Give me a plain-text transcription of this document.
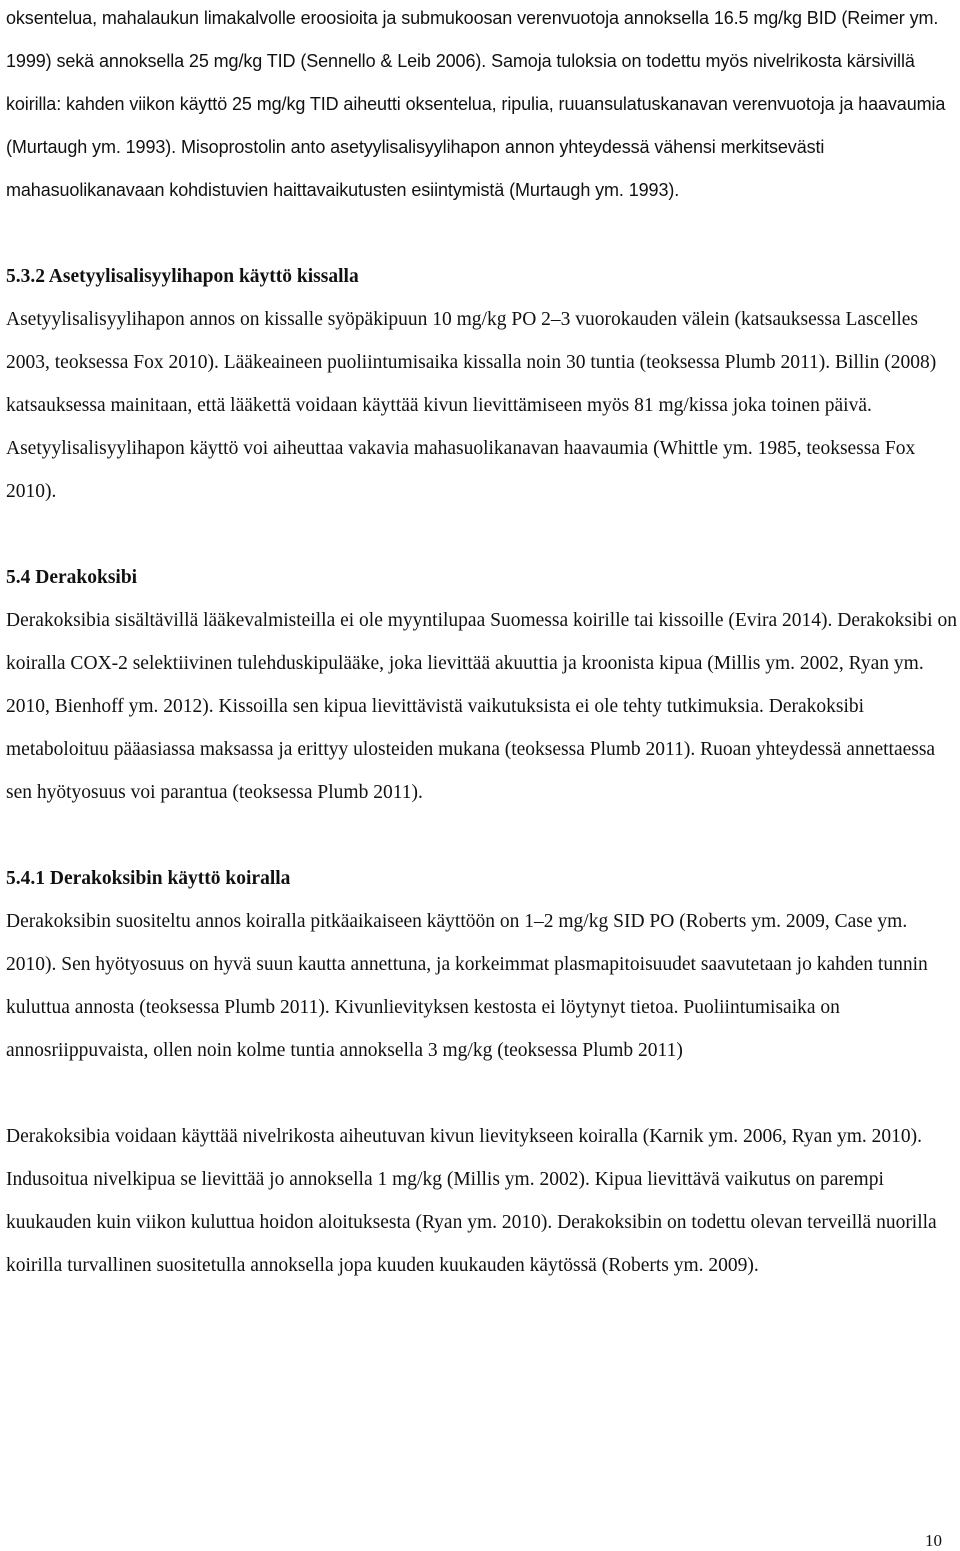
oksentelua, mahalaukun limakalvolle eroosioita ja submukoosan verenvuotoja annoksella 16.5 mg/kg BID (Reimer ym. 1999) sekä annoksella 25 mg/kg TID (Sennello & Leib 2006). Samoja tuloksia on todettu myös nivelrikosta kärsivillä koirilla: kahden viikon käyttö 25 mg/kg TID aiheutti oksentelua, ripulia, ruuansulatuskanavan verenvuotoja ja haavaumia (Murtaugh ym. 1993). Misoprostolin anto asetyylisalisyylihapon annon yhteydessä vähensi merkitsevästi mahasuolikanavaan kohdistuvien haittavaikutusten esiintymistä (Murtaugh ym. 1993).

5.3.2 Asetyylisalisyylihapon käyttö kissalla

Asetyylisalisyylihapon annos on kissalle syöpäkipuun 10 mg/kg PO 2–3 vuorokauden välein (katsauksessa Lascelles 2003, teoksessa Fox 2010). Lääkeaineen puoliintumisaika kissalla noin 30 tuntia (teoksessa Plumb 2011). Billin (2008) katsauksessa mainitaan, että lääkettä voidaan käyttää kivun lievittämiseen myös 81 mg/kissa joka toinen päivä. Asetyylisalisyylihapon käyttö voi aiheuttaa vakavia mahasuolikanavan haavaumia (Whittle ym. 1985, teoksessa Fox 2010).

5.4 Derakoksibi

Derakoksibia sisältävillä lääkevalmisteilla ei ole myyntilupaa Suomessa koirille tai kissoille (Evira 2014). Derakoksibi on koiralla COX-2 selektiivinen tulehduskipulääke, joka lievittää akuuttia ja kroonista kipua (Millis ym. 2002, Ryan ym. 2010, Bienhoff ym. 2012). Kissoilla sen kipua lievittävistä vaikutuksista ei ole tehty tutkimuksia. Derakoksibi metaboloituu pääasiassa maksassa ja erittyy ulosteiden mukana (teoksessa Plumb 2011). Ruoan yhteydessä annettaessa sen hyötyosuus voi parantua (teoksessa Plumb 2011).

5.4.1 Derakoksibin käyttö koiralla

Derakoksibin suositeltu annos koiralla pitkäaikaiseen käyttöön on 1–2 mg/kg SID PO (Roberts ym. 2009, Case ym. 2010). Sen hyötyosuus on hyvä suun kautta annettuna, ja korkeimmat plasmapitoisuudet saavutetaan jo kahden tunnin kuluttua annosta (teoksessa Plumb 2011). Kivunlievityksen kestosta ei löytynyt tietoa. Puoliintumisaika on annosriippuvaista, ollen noin kolme tuntia annoksella 3 mg/kg (teoksessa Plumb 2011)

Derakoksibia voidaan käyttää nivelrikosta aiheutuvan kivun lievitykseen koiralla (Karnik ym. 2006, Ryan ym. 2010). Indusoitua nivelkipua se lievittää jo annoksella 1 mg/kg (Millis ym. 2002). Kipua lievittävä vaikutus on parempi kuukauden kuin viikon kuluttua hoidon aloituksesta (Ryan ym. 2010). Derakoksibin on todettu olevan terveillä nuorilla koirilla turvallinen suositetulla annoksella jopa kuuden kuukauden käytössä (Roberts ym. 2009).

10
